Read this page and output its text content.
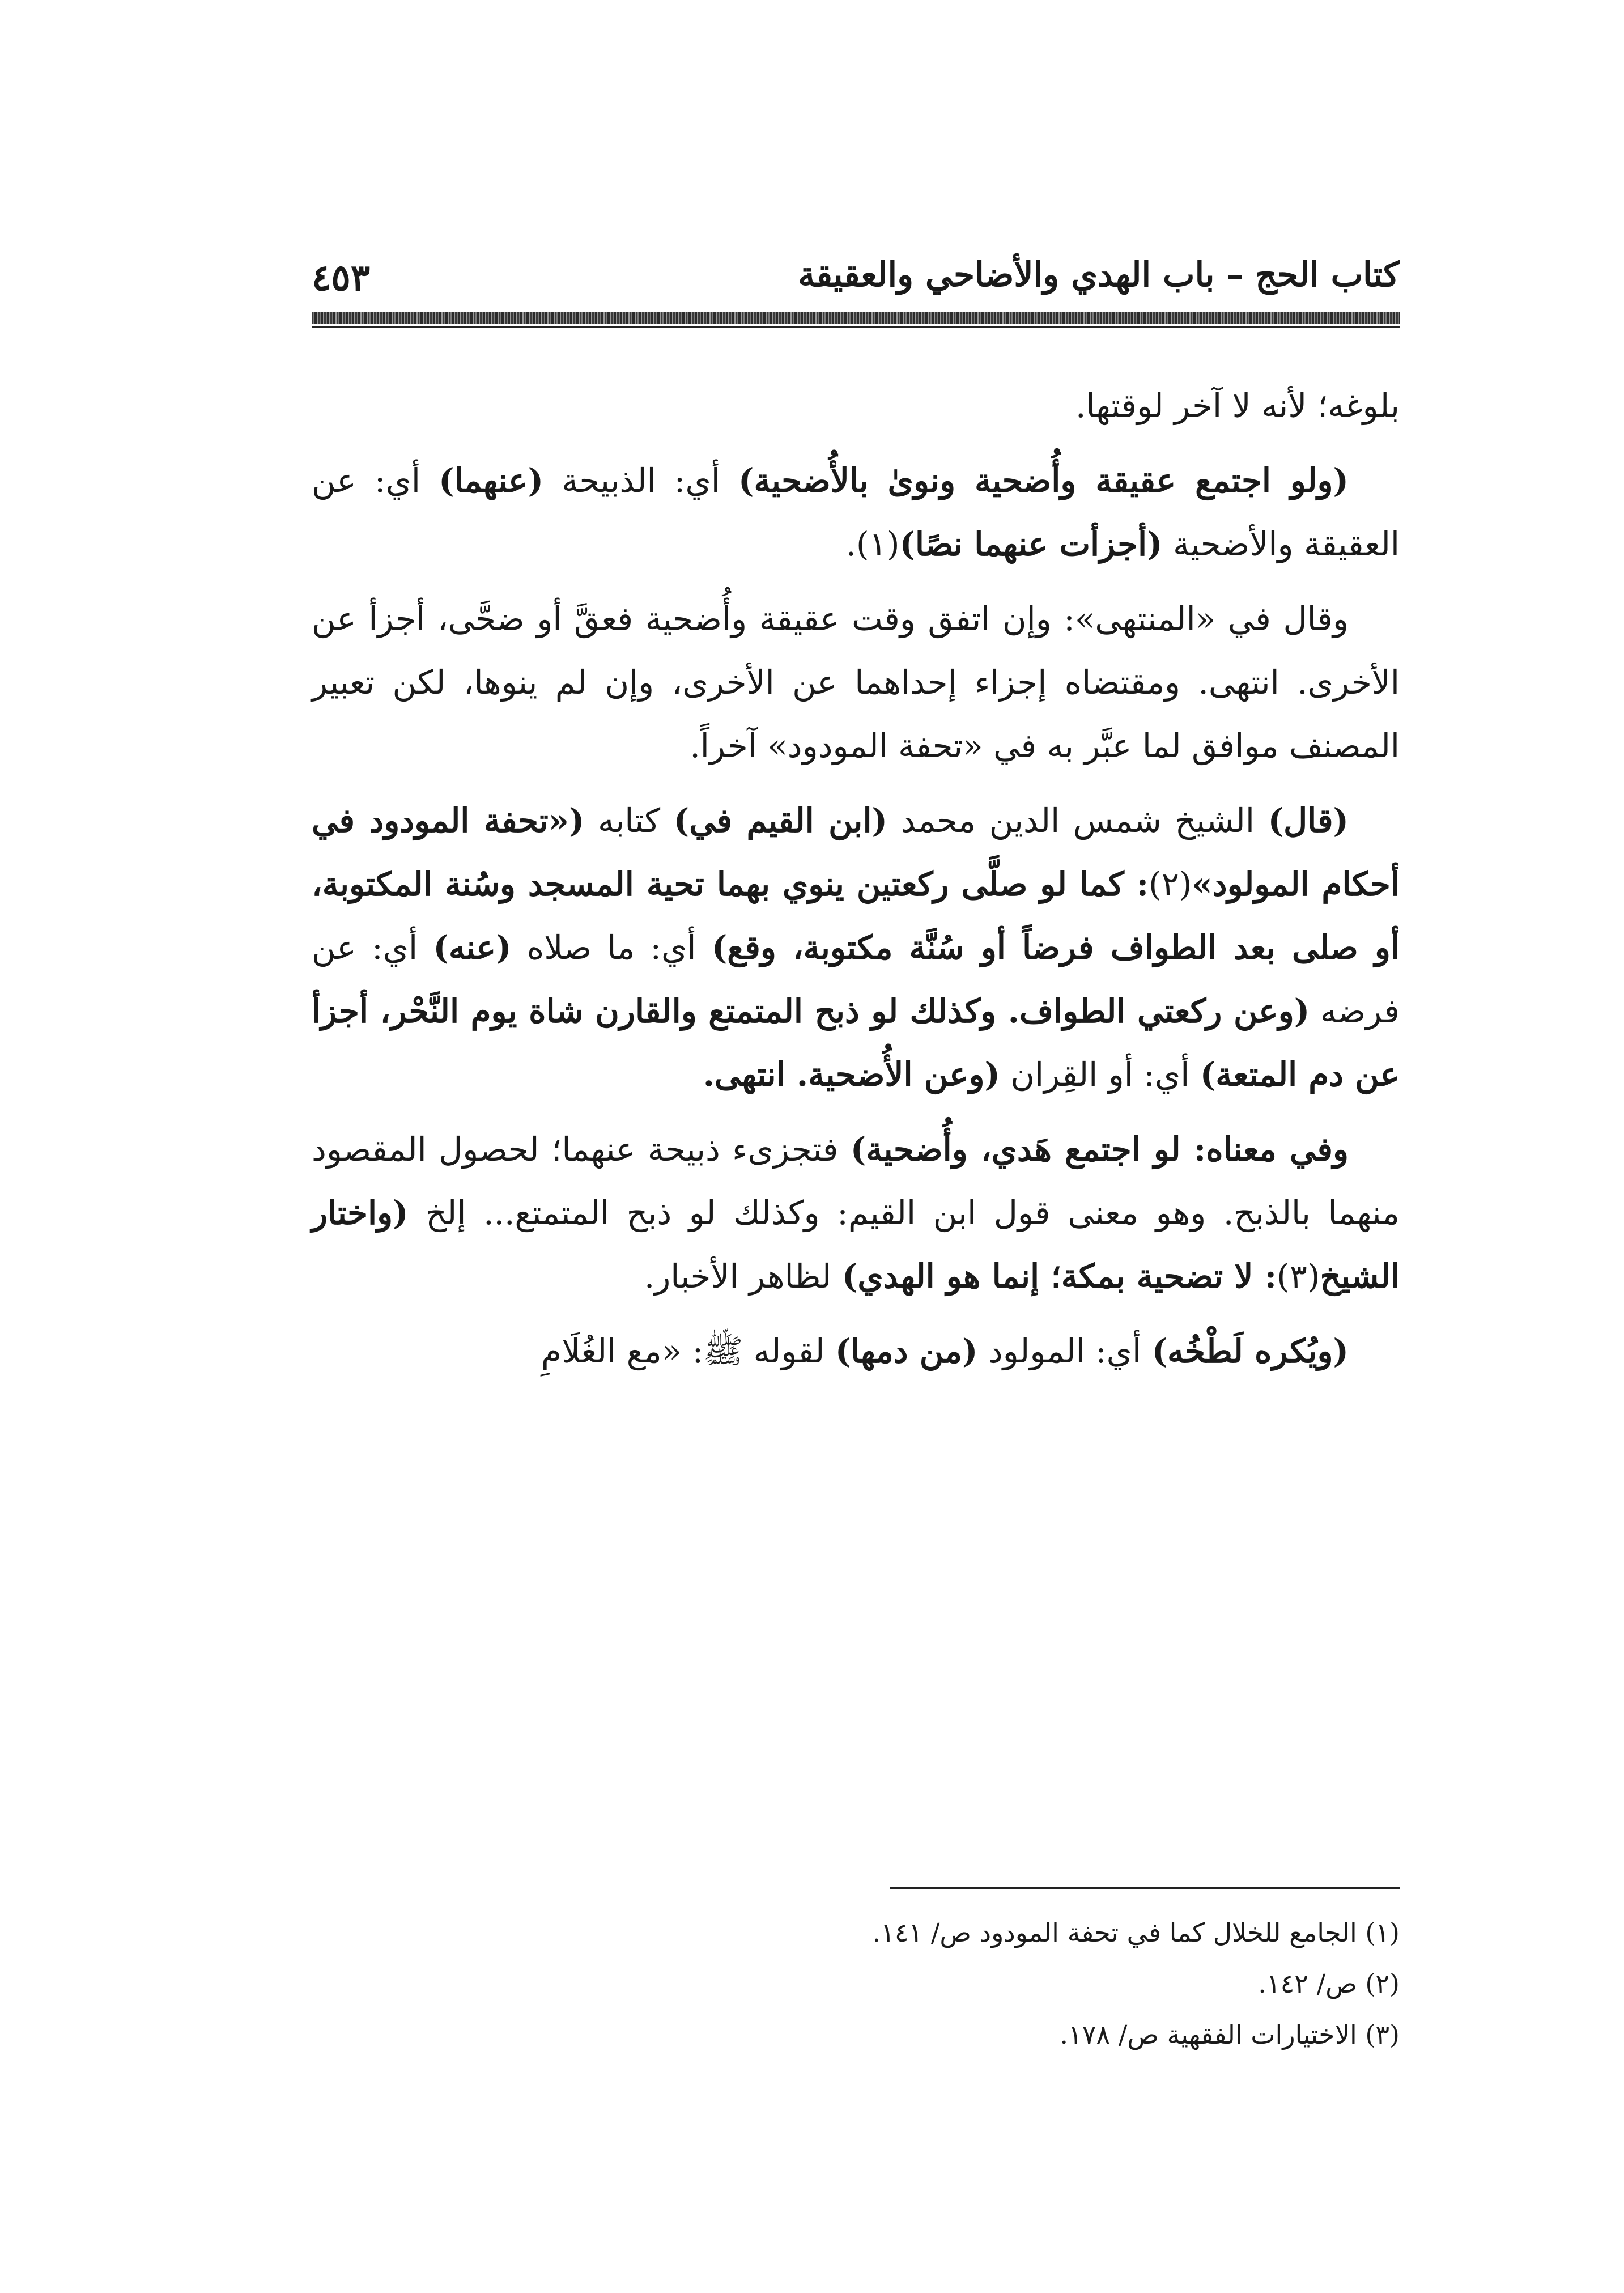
كتاب الحج – باب الهدي والأضاحي والعقيقة
٤٥٣

بلوغه؛ لأنه لا آخر لوقتها.

(ولو اجتمع عقيقة وأُضحية ونوىٰ بالأُضحية) أي: الذبيحة (عنهما) أي: عن العقيقة والأضحية (أجزأت عنهما نصًا)(١).

وقال في «المنتهى»: وإن اتفق وقت عقيقة وأُضحية فعقَّ أو ضحَّى، أجزأ عن الأخرى. انتهى. ومقتضاه إجزاء إحداهما عن الأخرى، وإن لم ينوها، لكن تعبير المصنف موافق لما عبَّر به في «تحفة المودود» آخراً.

(قال) الشيخ شمس الدين محمد (ابن القيم في) كتابه («تحفة المودود في أحكام المولود»(٢): كما لو صلَّى ركعتين ينوي بهما تحية المسجد وسُنة المكتوبة، أو صلى بعد الطواف فرضاً أو سُنَّة مكتوبة، وقع) أي: ما صلاه (عنه) أي: عن فرضه (وعن ركعتي الطواف. وكذلك لو ذبح المتمتع والقارن شاة يوم النَّحْر، أجزأ عن دم المتعة) أي: أو القِران (وعن الأُضحية. انتهى.

وفي معناه: لو اجتمع هَدي، وأُضحية) فتجزىء ذبيحة عنهما؛ لحصول المقصود منهما بالذبح. وهو معنى قول ابن القيم: وكذلك لو ذبح المتمتع... إلخ (واختار الشيخ(٣): لا تضحية بمكة؛ إنما هو الهدي) لظاهر الأخبار.

(ويُكره لَطْخُه) أي: المولود (من دمها) لقوله ﷺ: «مع الغُلَامِ

(١) الجامع للخلال كما في تحفة المودود ص/ ١٤١.

(٢) ص/ ١٤٢.

(٣) الاختيارات الفقهية ص/ ١٧٨.
